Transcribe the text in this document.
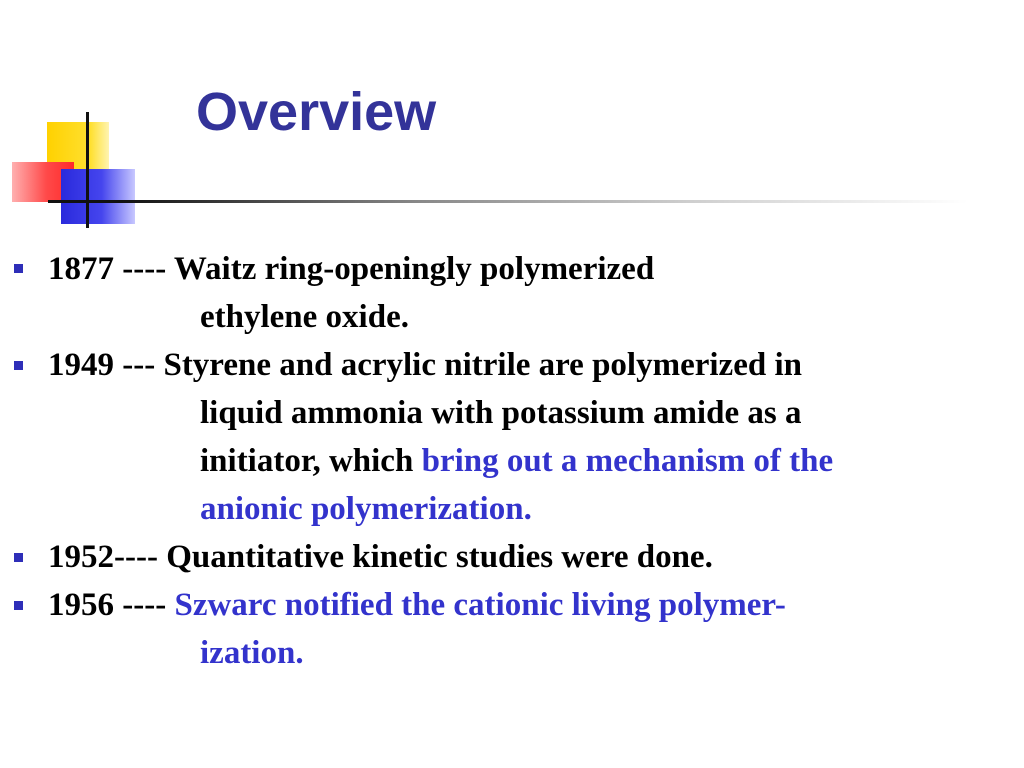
Overview
1877 ---- Waitz ring-openingly polymerized
ethylene oxide.
1949 --- Styrene and acrylic nitrile are polymerized in
liquid ammonia with potassium amide as a
initiator, which bring out a mechanism of the
anionic polymerization.
1952---- Quantitative kinetic studies were done.
1956 ---- Szwarc notified the cationic living polymer-
ization.
